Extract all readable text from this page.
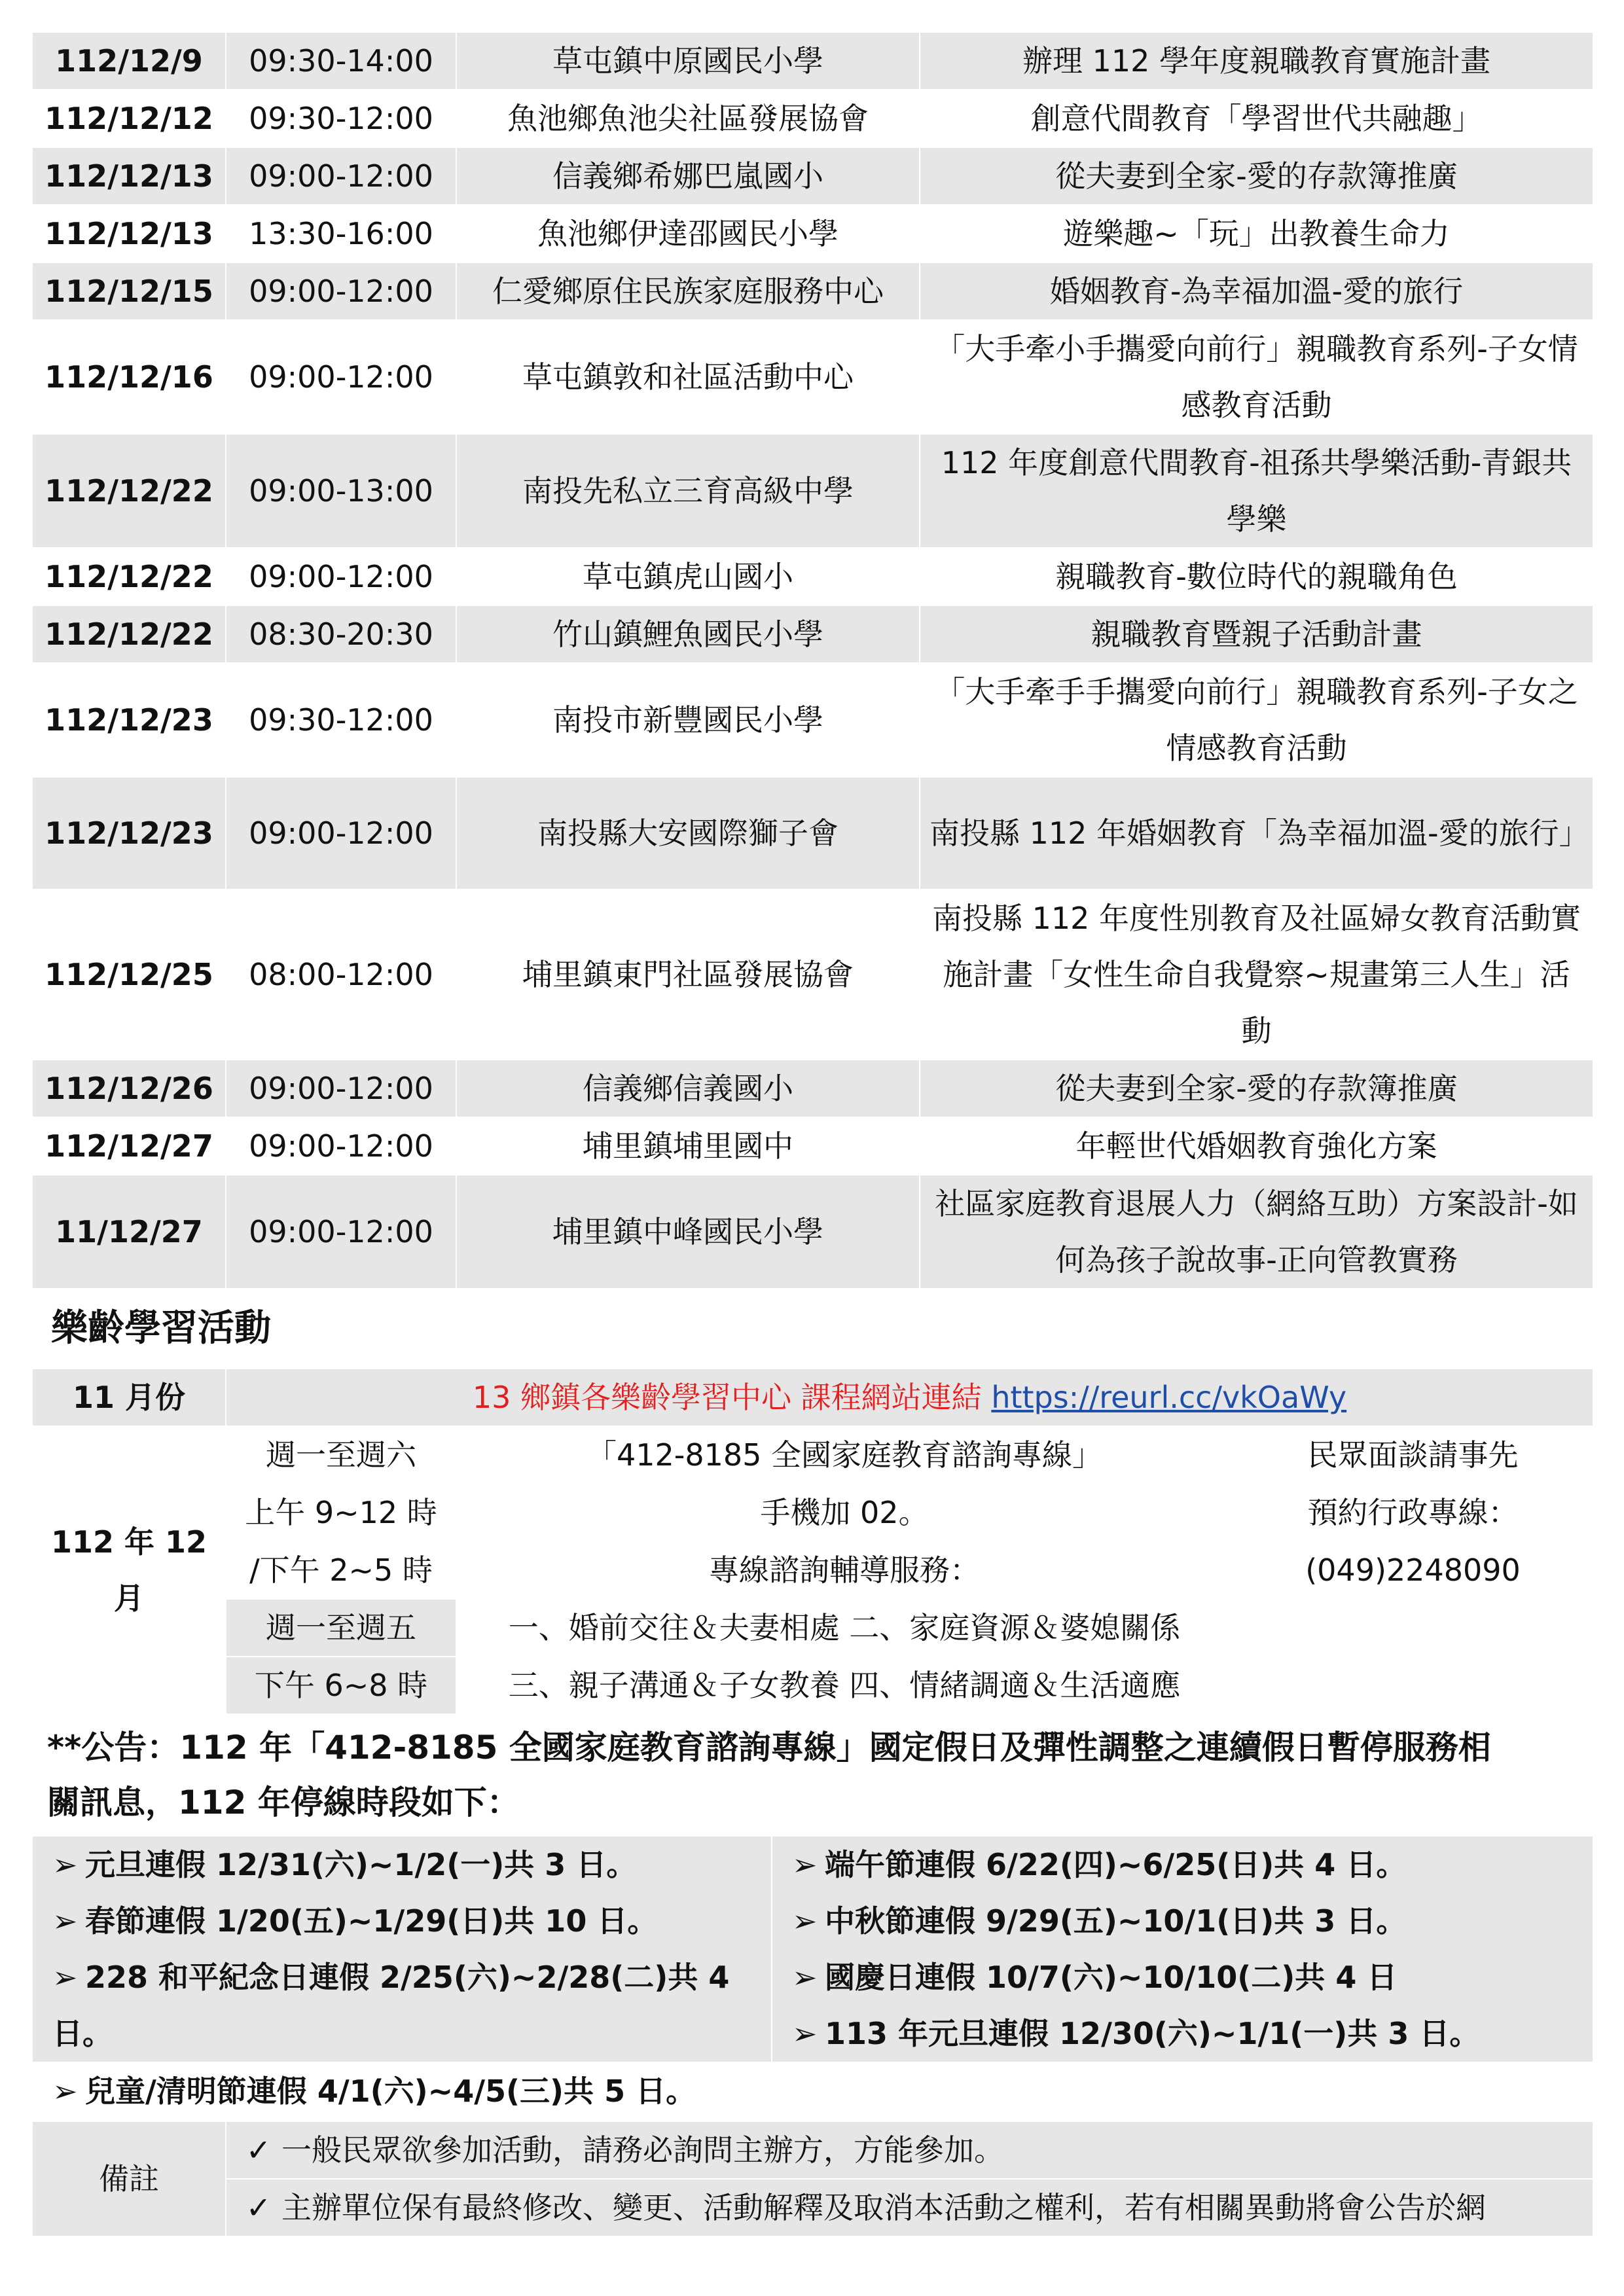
112/12/9	09:30-14:00	草屯鎮中原國民小學	辦理 112 學年度親職教育實施計畫
112/12/12	09:30-12:00	魚池鄉魚池尖社區發展協會	創意代間教育「學習世代共融趣」
112/12/13	09:00-12:00	信義鄉希娜巴嵐國小	從夫妻到全家-愛的存款簿推廣
112/12/13	13:30-16:00	魚池鄉伊達邵國民小學	遊樂趣~「玩」出教養生命力
112/12/15	09:00-12:00	仁愛鄉原住民族家庭服務中心	婚姻教育-為幸福加溫-愛的旅行
112/12/16	09:00-12:00	草屯鎮敦和社區活動中心	「大手牽小手攜愛向前行」親職教育系列-子女情感教育活動
112/12/22	09:00-13:00	南投先私立三育高級中學	112 年度創意代間教育-祖孫共學樂活動-青銀共學樂
112/12/22	09:00-12:00	草屯鎮虎山國小	親職教育-數位時代的親職角色
112/12/22	08:30-20:30	竹山鎮鯉魚國民小學	親職教育暨親子活動計畫
112/12/23	09:30-12:00	南投市新豐國民小學	「大手牽手手攜愛向前行」親職教育系列-子女之情感教育活動
112/12/23	09:00-12:00	南投縣大安國際獅子會	南投縣 112 年婚姻教育「為幸福加溫-愛的旅行」
112/12/25	08:00-12:00	埔里鎮東門社區發展協會	南投縣 112 年度性別教育及社區婦女教育活動實施計畫「女性生命自我覺察~規畫第三人生」活動
112/12/26	09:00-12:00	信義鄉信義國小	從夫妻到全家-愛的存款簿推廣
112/12/27	09:00-12:00	埔里鎮埔里國中	年輕世代婚姻教育強化方案
11/12/27	09:00-12:00	埔里鎮中峰國民小學	社區家庭教育退展人力（網絡互助）方案設計-如何為孩子說故事-正向管教實務
樂齡學習活動
11 月份	13 鄉鎮各樂齡學習中心 課程網站連結 https://reurl.cc/vkOaWy		
112 年 12 月	週一至週六	「412-8185 全國家庭教育諮詢專線」	民眾面談請事先
	上午 9~12 時	手機加 02。	預約行政專線：
	/下午 2~5 時	專線諮詢輔導服務：	(049)2248090
	週一至週五	一、婚前交往＆夫妻相處 二、家庭資源＆婆媳關係	
	下午 6~8 時	三、親子溝通＆子女教養 四、情緒調適＆生活適應	
**公告：112 年「412-8185 全國家庭教育諮詢專線」國定假日及彈性調整之連續假日暫停服務相
關訊息，112 年停線時段如下：
➢ 元旦連假 12/31(六)~1/2(一)共 3 日。
➢ 春節連假 1/20(五)~1/29(日)共 10 日。
➢ 228 和平紀念日連假 2/25(六)~2/28(二)共 4 日。

➢ 端午節連假 6/22(四)~6/25(日)共 4 日。
➢ 中秋節連假 9/29(五)~10/1(日)共 3 日。
➢ 國慶日連假 10/7(六)~10/10(二)共 4 日
➢ 113 年元旦連假 12/30(六)~1/1(一)共 3 日。

➢ 兒童/清明節連假 4/1(六)~4/5(三)共 5 日。
備註	✓ 一般民眾欲參加活動，請務必詢問主辦方，方能參加。
✓ 主辦單位保有最終修改、變更、活動解釋及取消本活動之權利，若有相關異動將會公告於網
